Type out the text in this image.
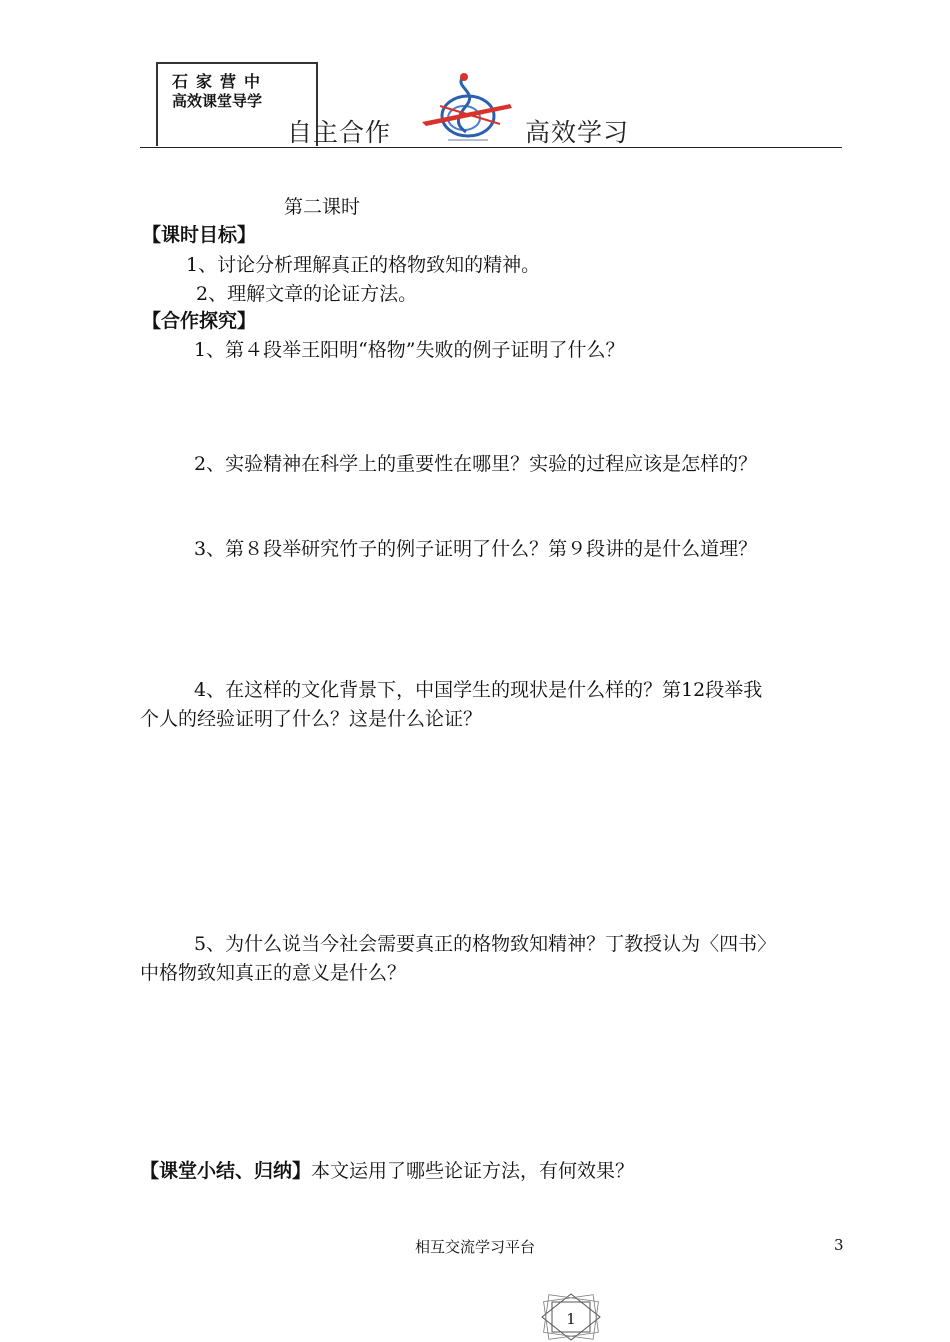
石家营中
高效课堂导学
自主合作	高效学习
第二课时
【课时目标】
1、讨论分析理解真正的格物致知的精神。
2、理解文章的论证方法。
【合作探究】
1、第４段举王阳明“格物”失败的例子证明了什么？
2、实验精神在科学上的重要性在哪里？实验的过程应该是怎样的？
3、第８段举研究竹子的例子证明了什么？第９段讲的是什么道理？
4、在这样的文化背景下，中国学生的现状是什么样的？第12段举我
个人的经验证明了什么？这是什么论证？
5、为什么说当今社会需要真正的格物致知精神？丁教授认为〈四书〉
中格物致知真正的意义是什么？
【课堂小结、归纳】本文运用了哪些论证方法，有何效果？
相互交流学习平台	3
1
